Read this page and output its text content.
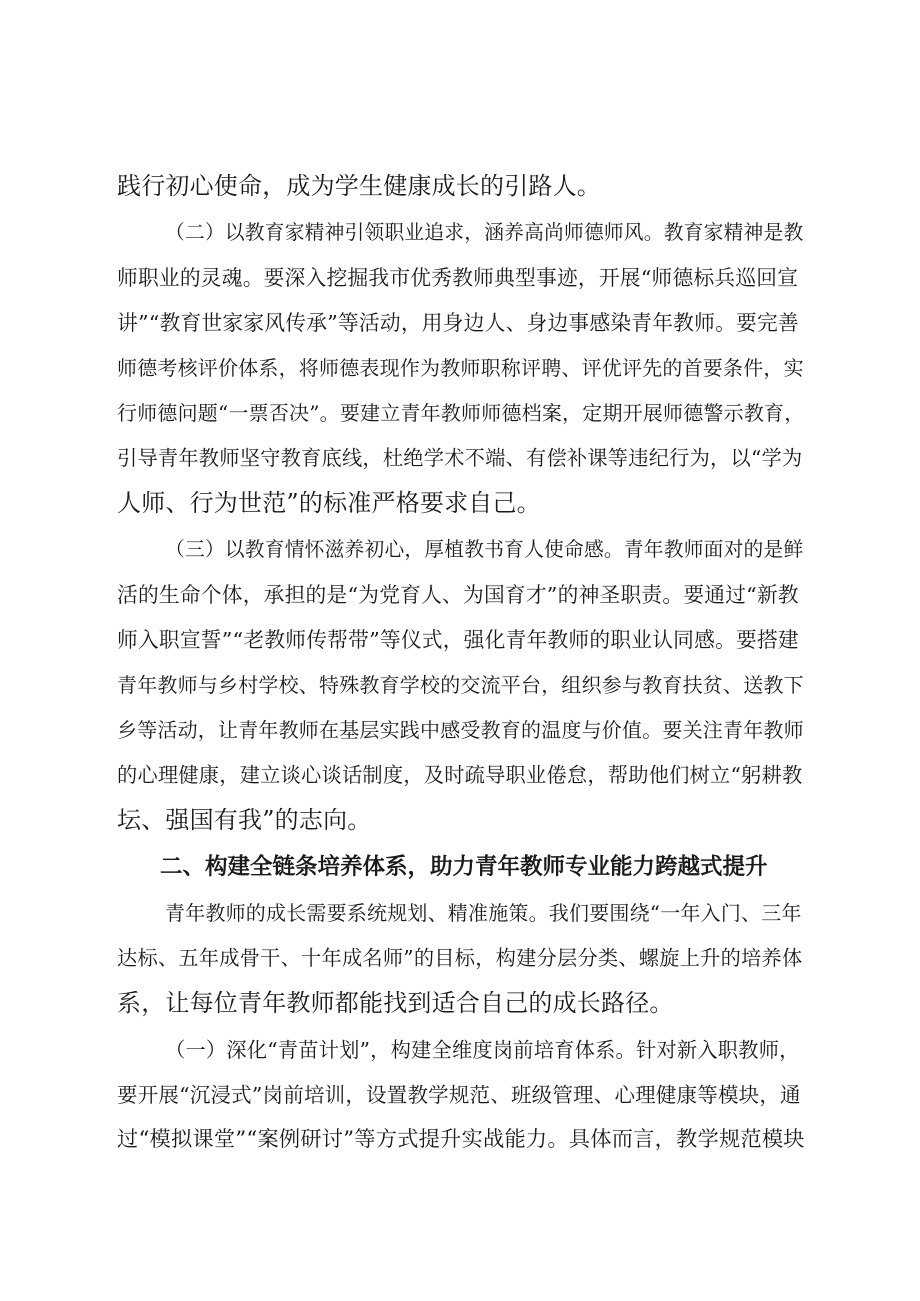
践行初心使命，成为学生健康成长的引路人。

（二）以教育家精神引领职业追求，涵养高尚师德师风。教育家精神是教

师职业的灵魂。要深入挖掘我市优秀教师典型事迹，开展“师德标兵巡回宣

讲”“教育世家家风传承”等活动，用身边人、身边事感染青年教师。要完善

师德考核评价体系，将师德表现作为教师职称评聘、评优评先的首要条件，实

行师德问题“一票否决”。要建立青年教师师德档案，定期开展师德警示教育，

引导青年教师坚守教育底线，杜绝学术不端、有偿补课等违纪行为，以“学为

人师、行为世范”的标准严格要求自己。

（三）以教育情怀滋养初心，厚植教书育人使命感。青年教师面对的是鲜

活的生命个体，承担的是“为党育人、为国育才”的神圣职责。要通过“新教

师入职宣誓”“老教师传帮带”等仪式，强化青年教师的职业认同感。要搭建

青年教师与乡村学校、特殊教育学校的交流平台，组织参与教育扶贫、送教下

乡等活动，让青年教师在基层实践中感受教育的温度与价值。要关注青年教师

的心理健康，建立谈心谈话制度，及时疏导职业倦怠，帮助他们树立“躬耕教

坛、强国有我”的志向。

二、构建全链条培养体系，助力青年教师专业能力跨越式提升

青年教师的成长需要系统规划、精准施策。我们要围绕“一年入门、三年

达标、五年成骨干、十年成名师”的目标，构建分层分类、螺旋上升的培养体

系，让每位青年教师都能找到适合自己的成长路径。

（一）深化“青苗计划”，构建全维度岗前培育体系。针对新入职教师，

要开展“沉浸式”岗前培训，设置教学规范、班级管理、心理健康等模块，通

过“模拟课堂”“案例研讨”等方式提升实战能力。具体而言，教学规范模块
